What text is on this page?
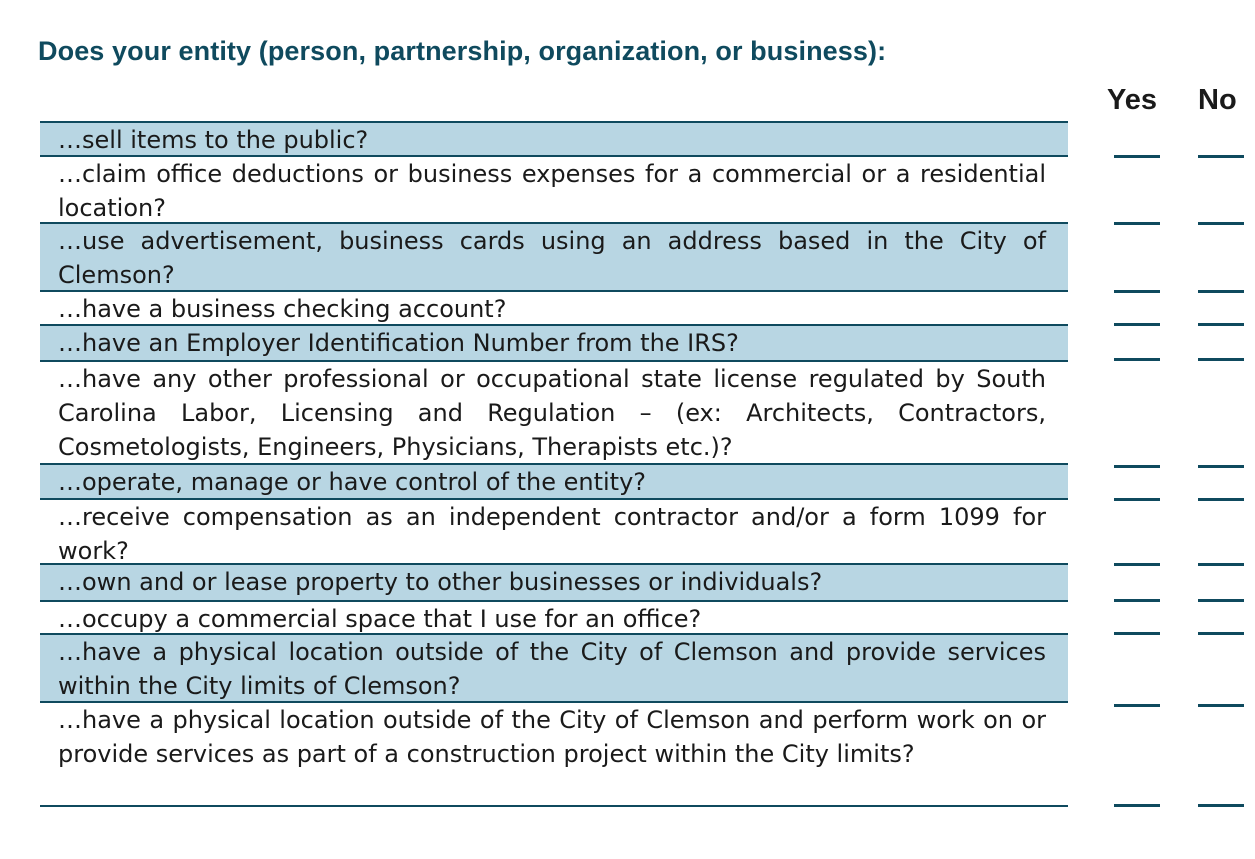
Does your entity (person, partnership, organization, or business):
Yes No
…sell items to the public?
…claim office deductions or business expenses for a commercial or a residential location?
…use advertisement, business cards using an address based in the City of Clemson?
…have a business checking account?
…have an Employer Identification Number from the IRS?
…have any other professional or occupational state license regulated by South Carolina Labor, Licensing and Regulation – (ex: Architects, Contractors, Cosmetologists, Engineers, Physicians, Therapists etc.)?
…operate, manage or have control of the entity?
…receive compensation as an independent contractor and/or a form 1099 for work?
…own and or lease property to other businesses or individuals?
…occupy a commercial space that I use for an office?
…have a physical location outside of the City of Clemson and provide services within the City limits of Clemson?
…have a physical location outside of the City of Clemson and perform work on or provide services as part of a construction project within the City limits?
